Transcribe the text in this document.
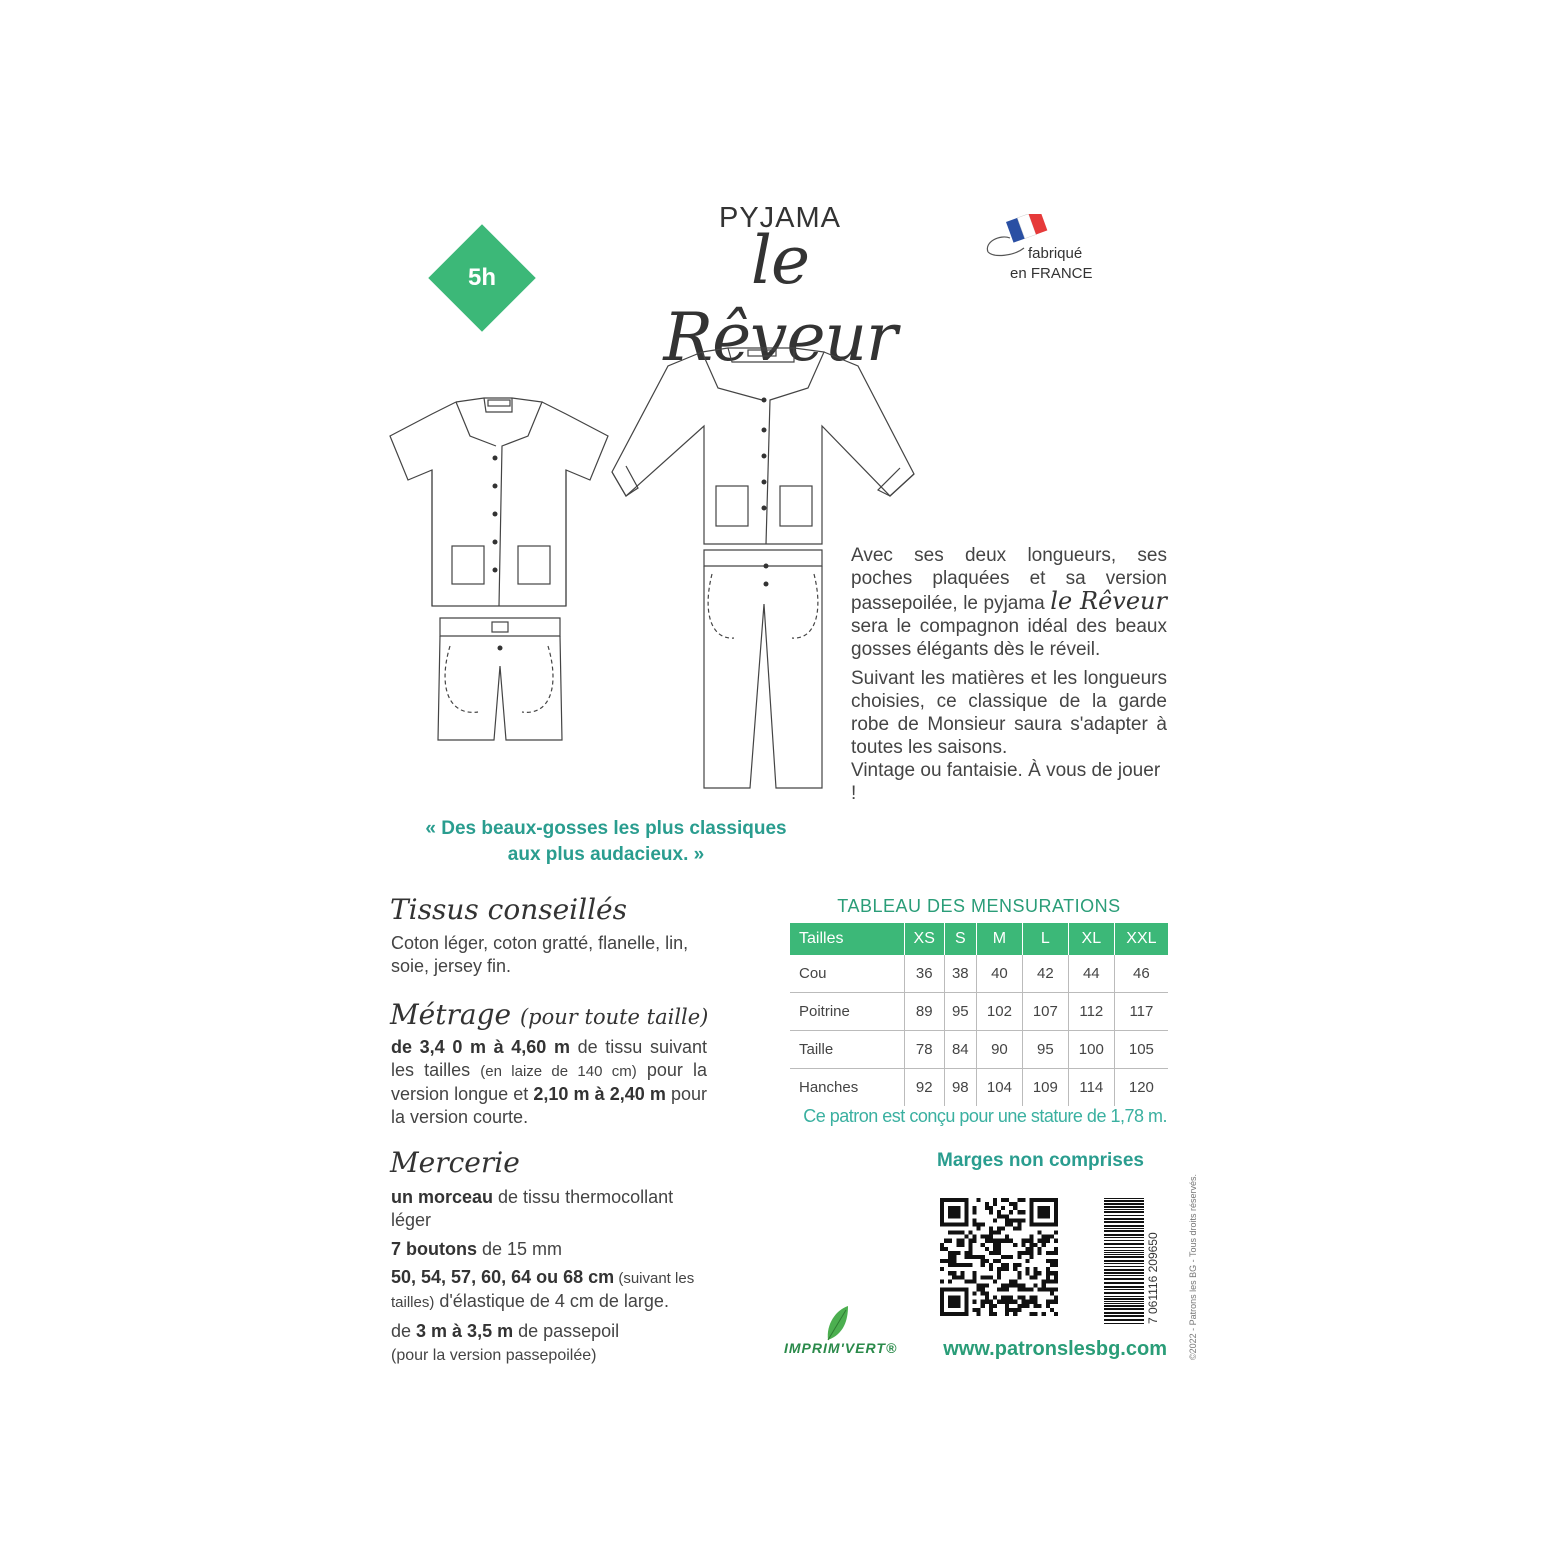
5h
PYJAMA
le Rêveur
fabriqué
en FRANCE

Avec ses deux longueurs, ses poches plaquées et sa version passepoilée, le pyjama le Rêveur sera le compagnon idéal des beaux gosses élégants dès le réveil.

Suivant les matières et les longueurs choisies, ce classique de la garde robe de Monsieur saura s'adapter à toutes les saisons.

Vintage ou fantaisie. À vous de jouer !

« Des beaux-gosses les plus classiques
aux plus audacieux. »
Tissus conseillés
Coton léger, coton gratté, flanelle, lin, soie, jersey fin.
Métrage (pour toute taille)
de 3,4 0 m à 4,60 m de tissu suivant les tailles (en laize de 140 cm) pour la version longue et 2,10 m à 2,40 m pour la version courte.
Mercerie
un morceau de tissu thermocollant léger
7 boutons de 15 mm
50, 54, 57, 60, 64 ou 68 cm (suivant les tailles) d'élastique de 4 cm de large.
de 3 m à 3,5 m de passepoil
(pour la version passepoilée)
TABLEAU DES MENSURATIONS
Tailles	XS	S	M	L	XL	XXL
Cou	36	38	40	42	44	46
Poitrine	89	95	102	107	112	117
Taille	78	84	90	95	100	105
Hanches	92	98	104	109	114	120
Ce patron est conçu pour une stature de 1,78 m.
Marges non comprises
7 061116 209650	©2022 - Patrons les BG - Tous droits réservés.
IMPRIM'VERT®	www.patronslesbg.com
